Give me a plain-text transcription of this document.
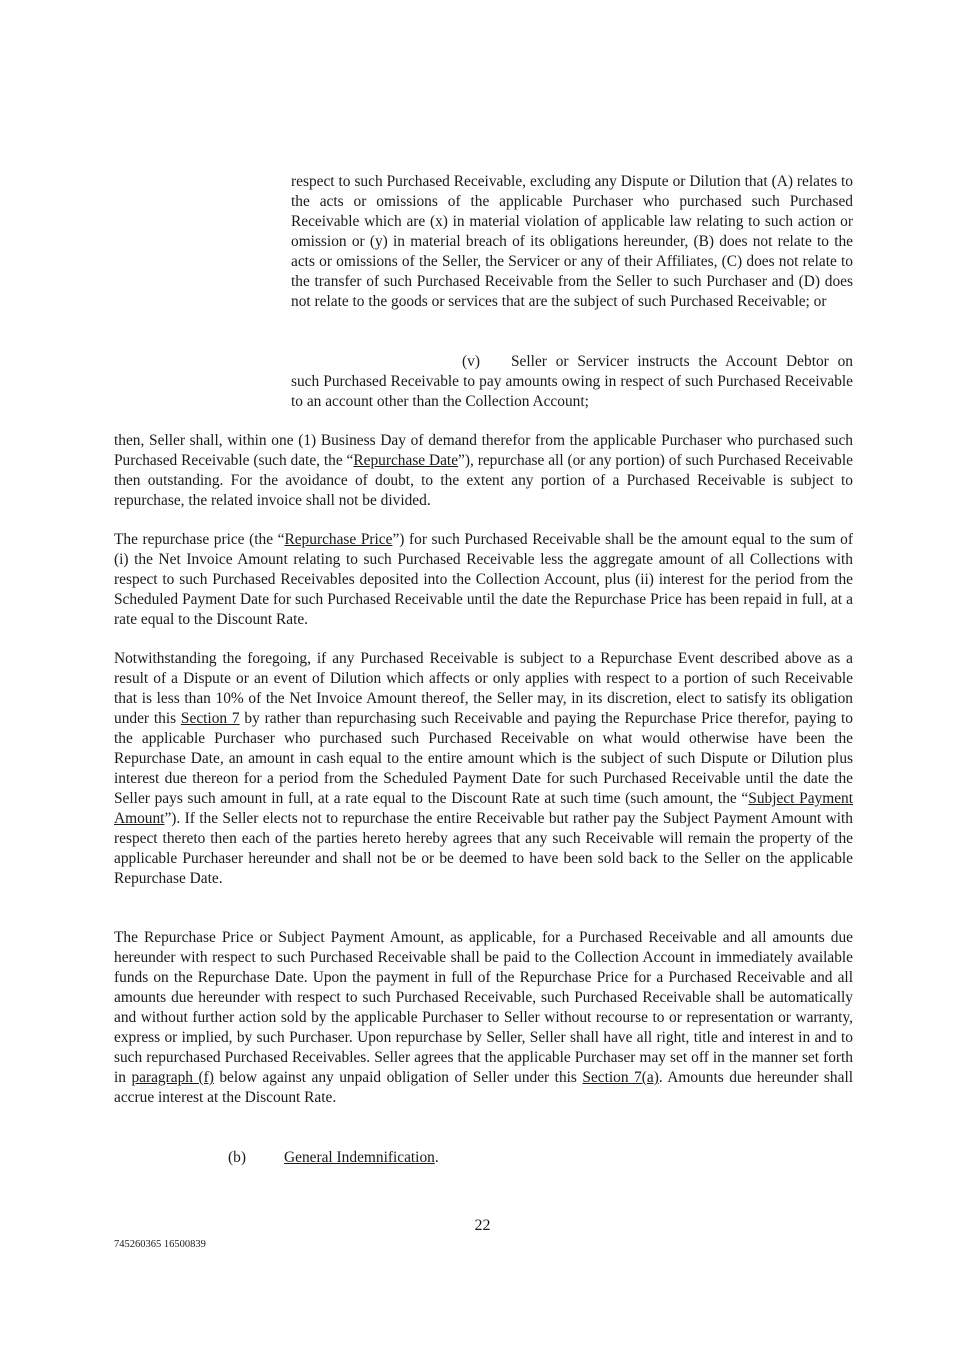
respect to such Purchased Receivable, excluding any Dispute or Dilution that (A) relates to the acts or omissions of the applicable Purchaser who purchased such Purchased Receivable which are (x) in material violation of applicable law relating to such action or omission or (y) in material breach of its obligations hereunder, (B) does not relate to the acts or omissions of the Seller, the Servicer or any of their Affiliates, (C) does not relate to the transfer of such Purchased Receivable from the Seller to such Purchaser and (D) does not relate to the goods or services that are the subject of such Purchased Receivable; or

(v) Seller or Servicer instructs the Account Debtor on

such Purchased Receivable to pay amounts owing in respect of such Purchased Receivable to an account other than the Collection Account;

then, Seller shall, within one (1) Business Day of demand therefor from the applicable Purchaser who purchased such Purchased Receivable (such date, the “Repurchase Date”), repurchase all (or any portion) of such Purchased Receivable then outstanding. For the avoidance of doubt, to the extent any portion of a Purchased Receivable is subject to repurchase, the related invoice shall not be divided.

The repurchase price (the “Repurchase Price”) for such Purchased Receivable shall be the amount equal to the sum of (i) the Net Invoice Amount relating to such Purchased Receivable less the aggregate amount of all Collections with respect to such Purchased Receivables deposited into the Collection Account, plus (ii) interest for the period from the Scheduled Payment Date for such Purchased Receivable until the date the Repurchase Price has been repaid in full, at a rate equal to the Discount Rate.

Notwithstanding the foregoing, if any Purchased Receivable is subject to a Repurchase Event described above as a result of a Dispute or an event of Dilution which affects or only applies with respect to a portion of such Receivable that is less than 10% of the Net Invoice Amount thereof, the Seller may, in its discretion, elect to satisfy its obligation under this Section 7 by rather than repurchasing such Receivable and paying the Repurchase Price therefor, paying to the applicable Purchaser who purchased such Purchased Receivable on what would otherwise have been the Repurchase Date, an amount in cash equal to the entire amount which is the subject of such Dispute or Dilution plus interest due thereon for a period from the Scheduled Payment Date for such Purchased Receivable until the date the Seller pays such amount in full, at a rate equal to the Discount Rate at such time (such amount, the “Subject Payment Amount”). If the Seller elects not to repurchase the entire Receivable but rather pay the Subject Payment Amount with respect thereto then each of the parties hereto hereby agrees that any such Receivable will remain the property of the applicable Purchaser hereunder and shall not be or be deemed to have been sold back to the Seller on the applicable Repurchase Date.

The Repurchase Price or Subject Payment Amount, as applicable, for a Purchased Receivable and all amounts due hereunder with respect to such Purchased Receivable shall be paid to the Collection Account in immediately available funds on the Repurchase Date. Upon the payment in full of the Repurchase Price for a Purchased Receivable and all amounts due hereunder with respect to such Purchased Receivable, such Purchased Receivable shall be automatically and without further action sold by the applicable Purchaser to Seller without recourse to or representation or warranty, express or implied, by such Purchaser. Upon repurchase by Seller, Seller shall have all right, title and interest in and to such repurchased Purchased Receivables. Seller agrees that the applicable Purchaser may set off in the manner set forth in paragraph (f) below against any unpaid obligation of Seller under this Section 7(a). Amounts due hereunder shall accrue interest at the Discount Rate.

(b) General Indemnification.
22
745260365 16500839
